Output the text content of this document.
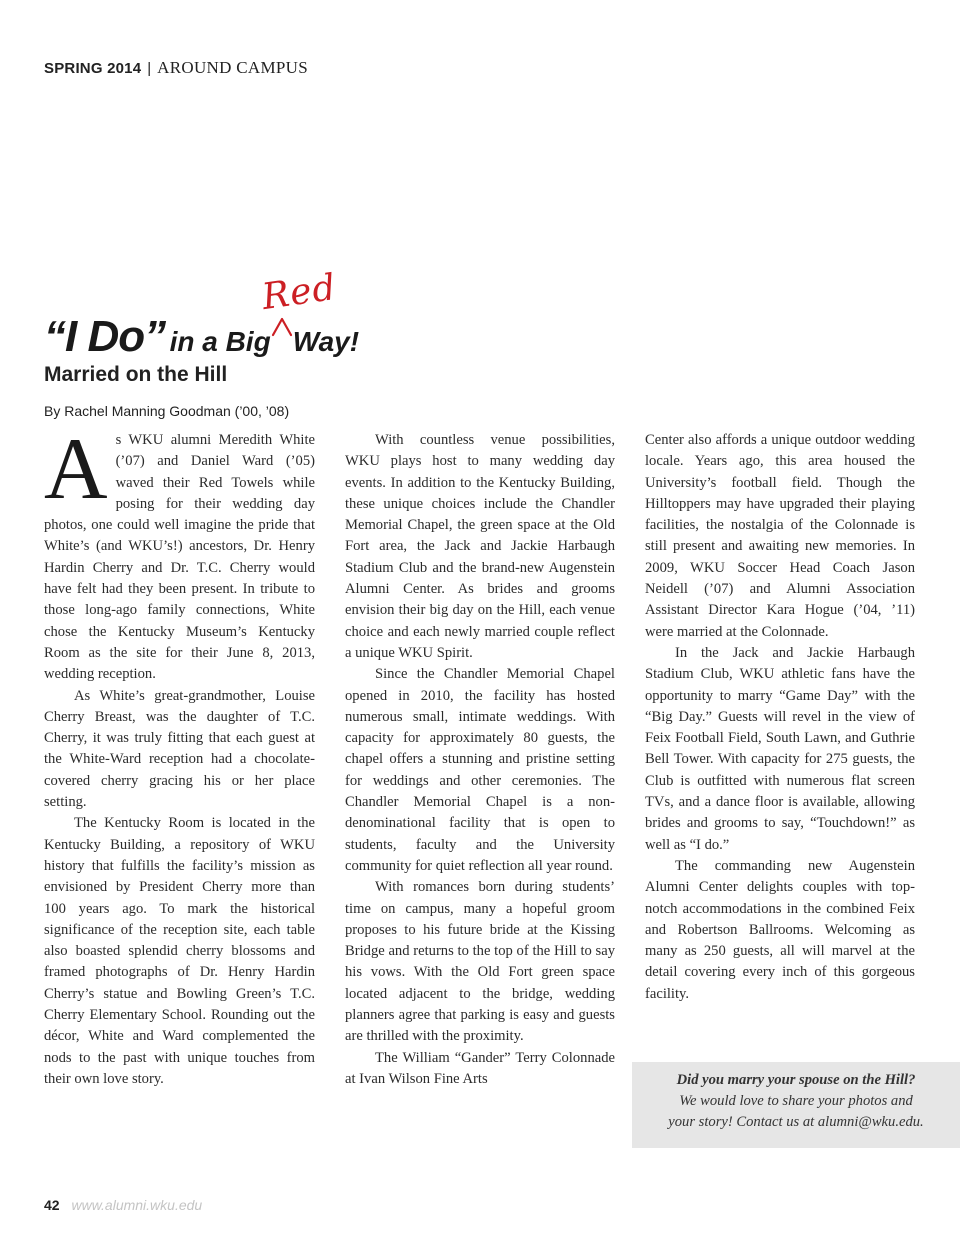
SPRING 2014 | AROUND CAMPUS
Red
“I Do” in a Big Way!
Married on the Hill
By Rachel Manning Goodman (’00, ’08)

As WKU alumni Meredith White (’07) and Daniel Ward (’05) waved their Red Towels while posing for their wedding day photos, one could well imagine the pride that White’s (and WKU’s!) ancestors, Dr. Henry Hardin Cherry and Dr. T.C. Cherry would have felt had they been present. In tribute to those long-ago family connections, White chose the Kentucky Museum’s Kentucky Room as the site for their June 8, 2013, wedding reception.

As White’s great-grandmother, Louise Cherry Breast, was the daughter of T.C. Cherry, it was truly fitting that each guest at the White-Ward reception had a chocolate-covered cherry gracing his or her place setting.

The Kentucky Room is located in the Kentucky Building, a repository of WKU history that fulfills the facility’s mission as envisioned by President Cherry more than 100 years ago. To mark the historical significance of the reception site, each table also boasted splendid cherry blossoms and framed photographs of Dr. Henry Hardin Cherry’s statue and Bowling Green’s T.C. Cherry Elementary School. Rounding out the décor, White and Ward complemented the nods to the past with unique touches from their own love story.

With countless venue possibilities, WKU plays host to many wedding day events. In addition to the Kentucky Building, these unique choices include the Chandler Memorial Chapel, the green space at the Old Fort area, the Jack and Jackie Harbaugh Stadium Club and the brand-new Augenstein Alumni Center. As brides and grooms envision their big day on the Hill, each venue choice and each newly married couple reflect a unique WKU Spirit.

Since the Chandler Memorial Chapel opened in 2010, the facility has hosted numerous small, intimate weddings. With capacity for approximately 80 guests, the chapel offers a stunning and pristine setting for weddings and other ceremonies. The Chandler Memorial Chapel is a non-denominational facility that is open to students, faculty and the University community for quiet reflection all year round.

With romances born during students’ time on campus, many a hopeful groom proposes to his future bride at the Kissing Bridge and returns to the top of the Hill to say his vows. With the Old Fort green space located adjacent to the bridge, wedding planners agree that parking is easy and guests are thrilled with the proximity.

The William “Gander” Terry Colonnade at Ivan Wilson Fine Arts

Center also affords a unique outdoor wedding locale. Years ago, this area housed the University’s football field. Though the Hilltoppers may have upgraded their playing facilities, the nostalgia of the Colonnade is still present and awaiting new memories. In 2009, WKU Soccer Head Coach Jason Neidell (’07) and Alumni Association Assistant Director Kara Hogue (’04, ’11) were married at the Colonnade.

In the Jack and Jackie Harbaugh Stadium Club, WKU athletic fans have the opportunity to marry “Game Day” with the “Big Day.” Guests will revel in the view of Feix Football Field, South Lawn, and Guthrie Bell Tower. With capacity for 275 guests, the Club is outfitted with numerous flat screen TVs, and a dance floor is available, allowing brides and grooms to say, “Touchdown!” as well as “I do.”

The commanding new Augenstein Alumni Center delights couples with top-notch accommodations in the combined Feix and Robertson Ballrooms. Welcoming as many as 250 guests, all will marvel at the detail covering every inch of this gorgeous facility.

Did you marry your spouse on the Hill?
We would love to share your photos and
your story! Contact us at alumni@wku.edu.
42 www.alumni.wku.edu
